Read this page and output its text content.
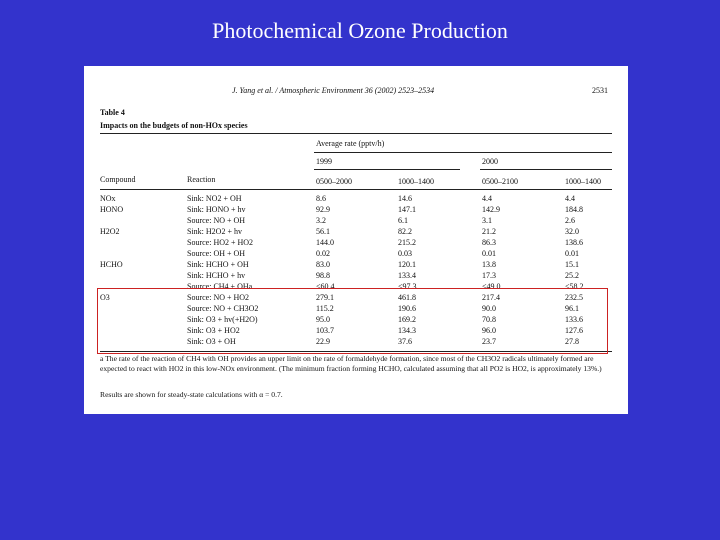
Photochemical Ozone Production
J. Yang et al. / Atmospheric Environment 36 (2002) 2523–2534	2531
Table 4
Impacts on the budgets of non-HOx species
Average rate (pptv/h)
1999	2000
Compound	Reaction	0500–2000	1000–1400	0500–2100	1000–1400
NOx	Sink: NO2 + OH	8.6	14.6	4.4	4.4
HONO	Sink: HONO + hv	92.9	147.1	142.9	184.8
Source: NO + OH	3.2	6.1	3.1	2.6
H2O2	Sink: H2O2 + hv	56.1	82.2	21.2	32.0
Source: HO2 + HO2	144.0	215.2	86.3	138.6
Source: OH + OH	0.02	0.03	0.01	0.01
HCHO	Sink: HCHO + OH	83.0	120.1	13.8	15.1
Sink: HCHO + hv	98.8	133.4	17.3	25.2
Source: CH4 + OHa	<60.4	<97.3	<49.0	<58.2
O3	Source: NO + HO2	279.1	461.8	217.4	232.5
Source: NO + CH3O2	115.2	190.6	90.0	96.1
Sink: O3 + hv(+H2O)	95.0	169.2	70.8	133.6
Sink: O3 + HO2	103.7	134.3	96.0	127.6
Sink: O3 + OH	22.9	37.6	23.7	27.8
a The rate of the reaction of CH4 with OH provides an upper limit on the rate of formaldehyde formation, since most of the CH3O2 radicals ultimately formed are expected to react with HO2 in this low-NOx environment. (The minimum fraction forming HCHO, calculated assuming that all PO2 is HO2, is approximately 13%.)
Results are shown for steady-state calculations with α = 0.7.
